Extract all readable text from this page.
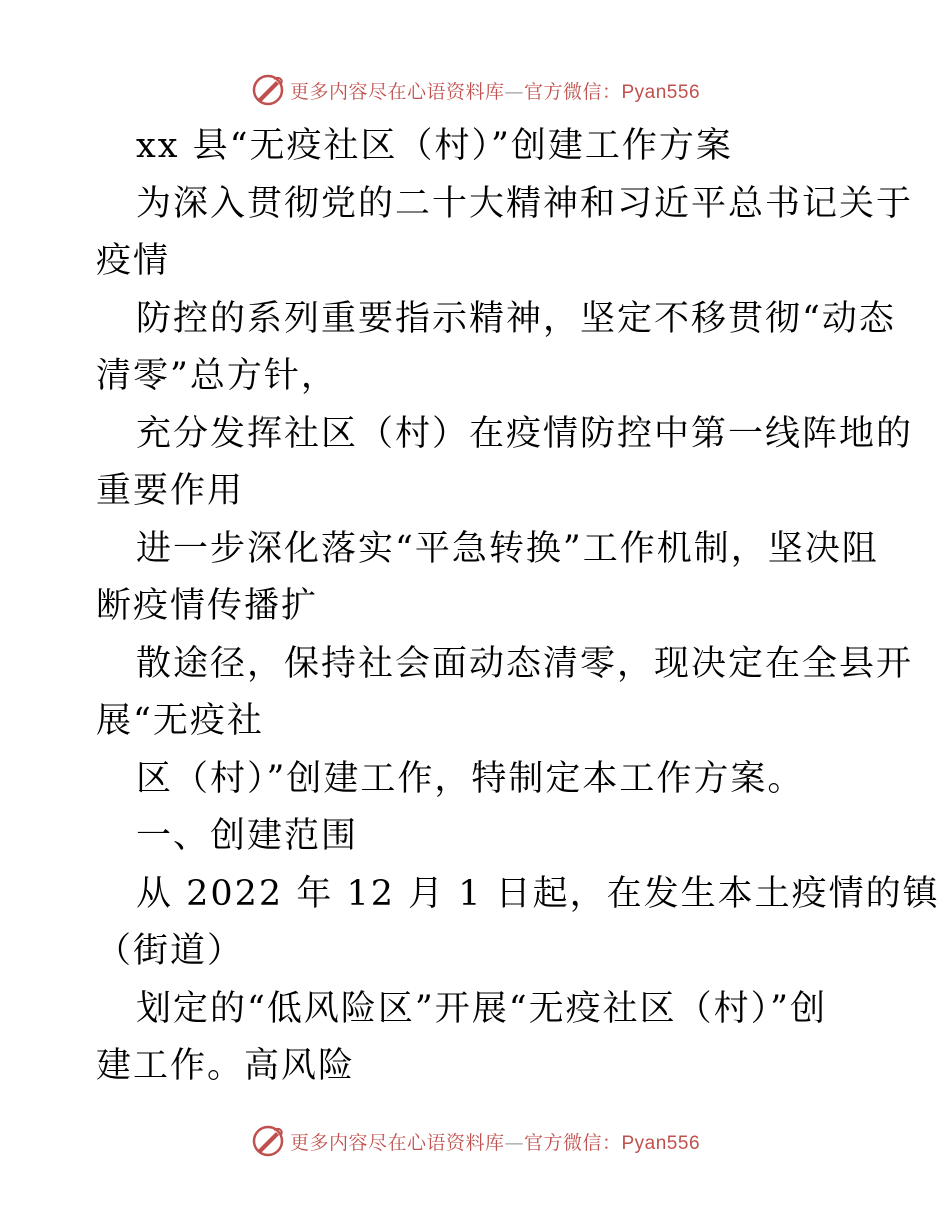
更多内容尽在心语资料库—官方微信：Pyan556
xx 县“无疫社区（村）”创建工作方案
为深入贯彻党的二十大精神和习近平总书记关于
疫情
防控的系列重要指示精神，坚定不移贯彻“动态
清零”总方针，
充分发挥社区（村）在疫情防控中第一线阵地的
重要作用
进一步深化落实“平急转换”工作机制，坚决阻
断疫情传播扩
散途径，保持社会面动态清零，现决定在全县开
展“无疫社
区（村）”创建工作，特制定本工作方案。
一、创建范围
从 2022 年 12 月 1 日起，在发生本土疫情的镇
（街道）
划定的“低风险区”开展“无疫社区（村）”创
建工作。高风险
更多内容尽在心语资料库—官方微信：Pyan556
